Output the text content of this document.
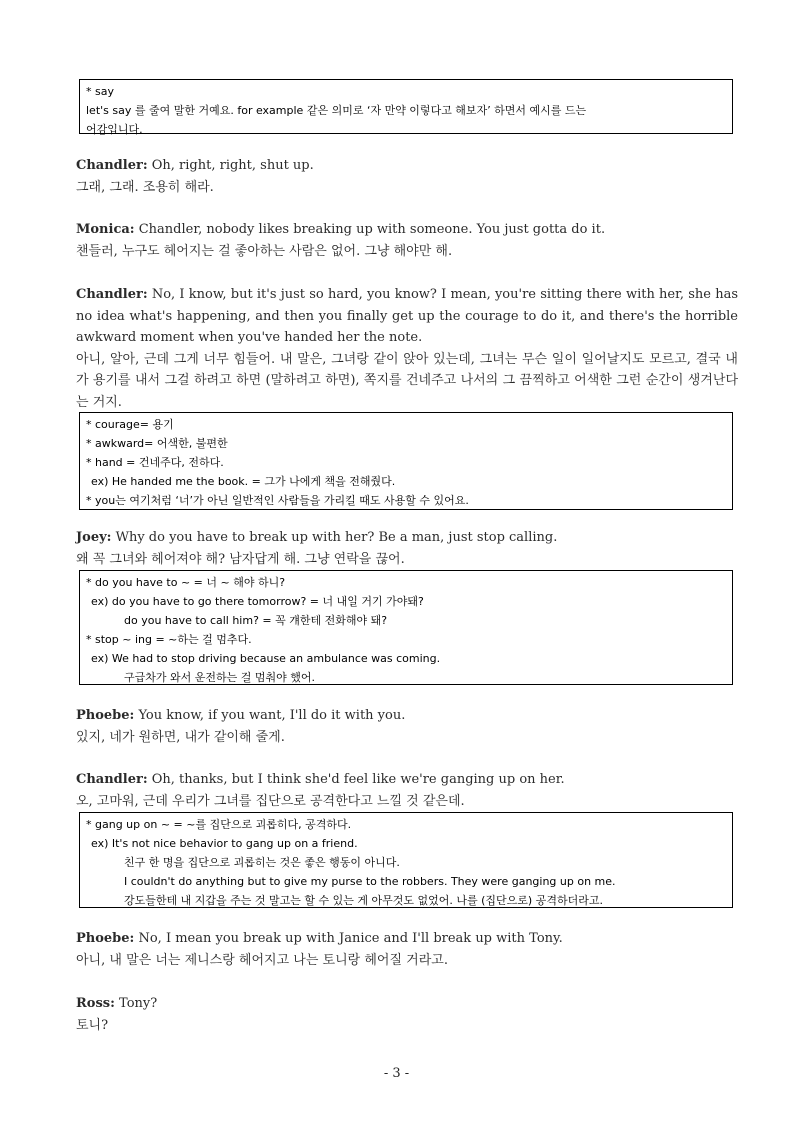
* say
let's say 를 줄여 말한 거예요. for example 같은 의미로 ‘자 만약 이렇다고 해보자’ 하면서 예시를 드는
어감입니다.
Chandler: Oh, right, right, shut up.
그래, 그래. 조용히 해라.
Monica: Chandler, nobody likes breaking up with someone. You just gotta do it.
챈들러, 누구도 헤어지는 걸 좋아하는 사람은 없어. 그냥 해야만 해.
Chandler: No, I know, but it's just so hard, you know? I mean, you're sitting there with her, she has no idea what's happening, and then you finally get up the courage to do it, and there's the horrible awkward moment when you've handed her the note.
아니, 알아, 근데 그게 너무 힘들어. 내 말은, 그녀랑 같이 앉아 있는데, 그녀는 무슨 일이 일어날지도 모르고, 결국 내가 용기를 내서 그걸 하려고 하면 (말하려고 하면), 쪽지를 건네주고 나서의 그 끔찍하고 어색한 그런 순간이 생겨난다는 거지.
* courage= 용기
* awkward= 어색한, 불편한
* hand = 건네주다, 전하다.
ex) He handed me the book. = 그가 나에게 책을 전해줬다.
* you는 여기처럼 ‘너’가 아닌 일반적인 사람들을 가리킬 때도 사용할 수 있어요.
Joey: Why do you have to break up with her? Be a man, just stop calling.
왜 꼭 그녀와 헤어져야 해? 남자답게 해. 그냥 연락을 끊어.
* do you have to ~ = 너 ~ 해야 하니?
ex) do you have to go there tomorrow? = 너 내일 거기 가야돼?
do you have to call him? = 꼭 걔한테 전화해야 돼?
* stop ~ ing = ~하는 걸 멈추다.
ex) We had to stop driving because an ambulance was coming.
구급차가 와서 운전하는 걸 멈춰야 했어.
Phoebe: You know, if you want, I'll do it with you.
있지, 네가 원하면, 내가 같이해 줄게.
Chandler: Oh, thanks, but I think she'd feel like we're ganging up on her.
오, 고마워, 근데 우리가 그녀를 집단으로 공격한다고 느낄 것 같은데.
* gang up on ~ = ~를 집단으로 괴롭히다, 공격하다.
ex) It's not nice behavior to gang up on a friend.
친구 한 명을 집단으로 괴롭히는 것은 좋은 행동이 아니다.
I couldn't do anything but to give my purse to the robbers. They were ganging up on me.
강도들한테 내 지갑을 주는 것 말고는 할 수 있는 게 아무것도 없었어. 나를 (집단으로) 공격하더라고.
Phoebe: No, I mean you break up with Janice and I'll break up with Tony.
아니, 내 말은 너는 제니스랑 헤어지고 나는 토니랑 헤어질 거라고.
Ross: Tony?
토니?
- 3 -
